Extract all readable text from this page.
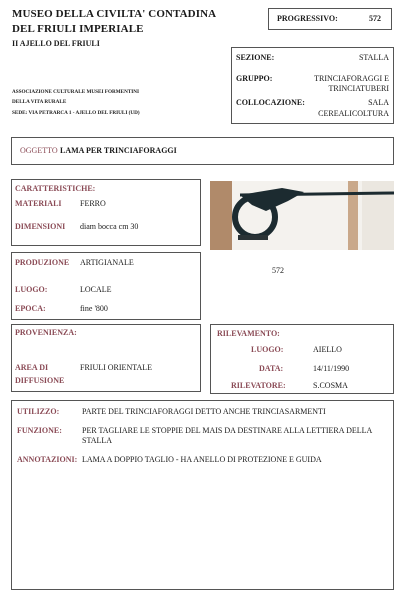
MUSEO DELLA CIVILTA' CONTADINA
DEL FRIULI IMPERIALE
II AJELLO DEL FRIULI
ASSOCIAZIONE CULTURALE MUSEI FORMENTINI
DELLA VITA RURALE
SEDE: VIA PETRARCA 1 - AJELLO DEL FRIULI (UD)
PROGRESSIVO:	572
SEZIONE:	STALLA
GRUPPO:	TRINCIAFORAGGI E
TRINCIATUBERI
COLLOCAZIONE:	SALA
CEREALICOLTURA
OGGETTO LAMA PER TRINCIAFORAGGI
CARATTERISTICHE:
MATERIALI FERRO
DIMENSIONI diam bocca cm 30
572
PRODUZIONE ARTIGIANALE
LUOGO:	LOCALE
EPOCA:	fine '800
PROVENIENZA:
AREA DI
DIFFUSIONE
FRIULI ORIENTALE
RILEVAMENTO:
LUOGO:	AIELLO
DATA:	14/11/1990
RILEVATORE:	S.COSMA
UTILIZZO:	PARTE DEL TRINCIAFORAGGI DETTO ANCHE TRINCIASARMENTI
FUNZIONE:	PER TAGLIARE LE STOPPIE DEL MAIS DA DESTINARE ALLA LETTIERA DELLA
STALLA
ANNOTAZIONI: LAMA A DOPPIO TAGLIO - HA ANELLO DI PROTEZIONE E GUIDA
